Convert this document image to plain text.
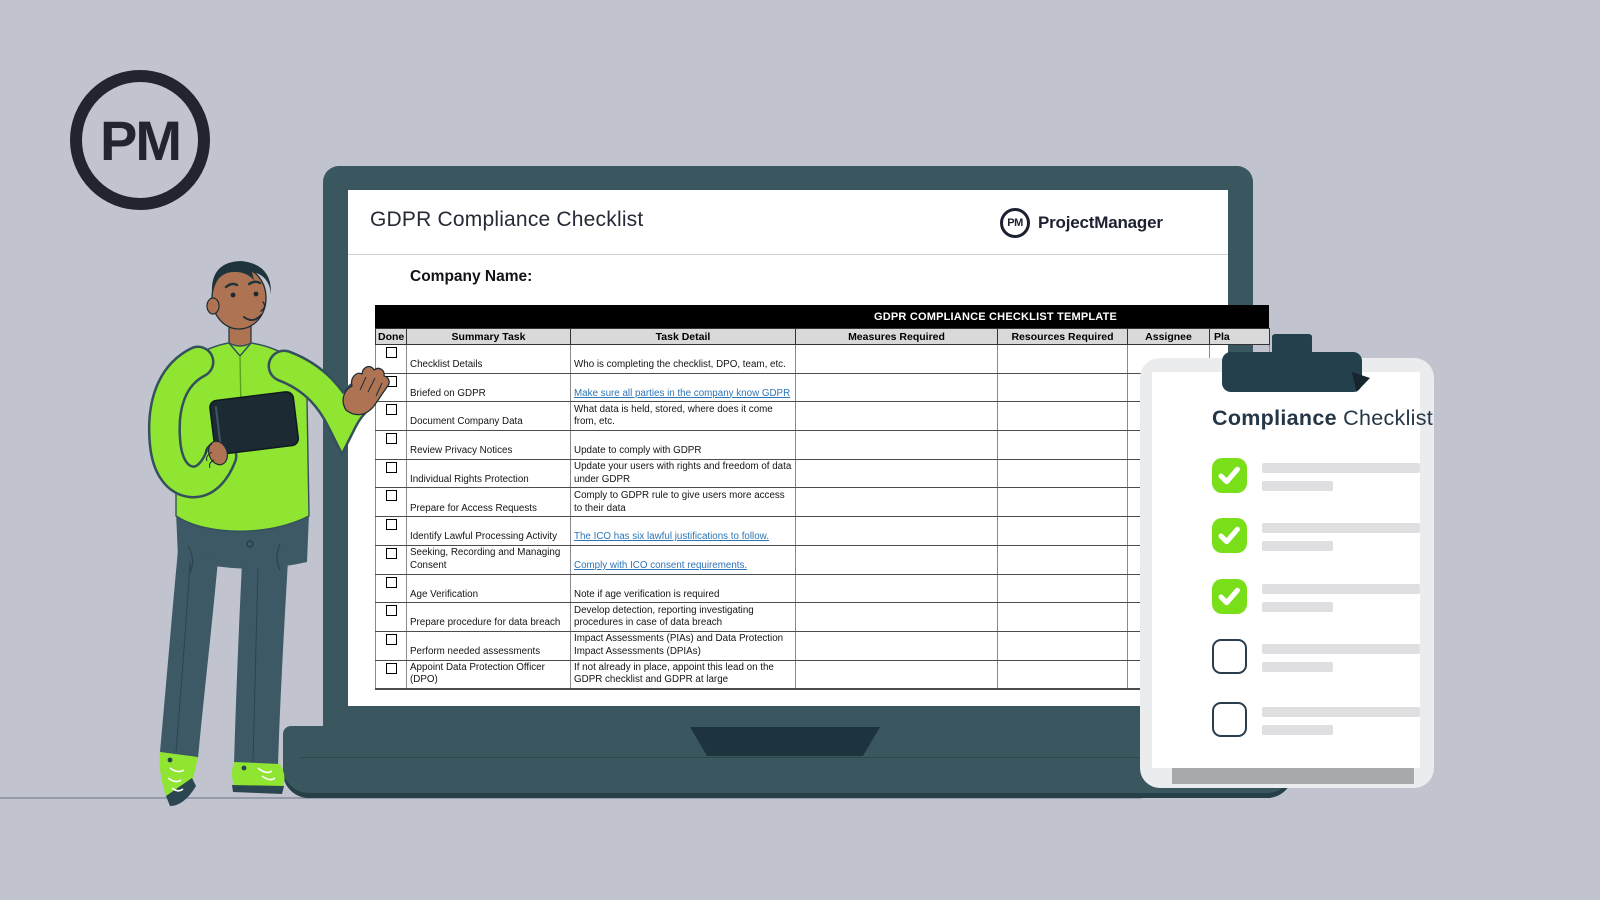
PM
GDPR Compliance Checklist	PM ProjectManager
Company Name:
GDPR COMPLIANCE CHECKLIST TEMPLATE
Done	Summary Task	Task Detail	Measures Required	Resources Required	Assignee	Pla

	Checklist Details	Who is completing the checklist, DPO, team, etc.				

	Briefed on GDPR	Make sure all parties in the company know GDPR				

	Document Company Data	What data is held, stored, where does it come from, etc.				

	Review Privacy Notices	Update to comply with GDPR				

	Individual Rights Protection	Update your users with rights and freedom of data under GDPR				

	Prepare for Access Requests	Comply to GDPR rule to give users more access to their data				

	Identify Lawful Processing Activity	The ICO has six lawful justifications to follow.				

	Seeking, Recording and Managing Consent	Comply with ICO consent requirements.				

	Age Verification	Note if age verification is required				

	Prepare procedure for data breach	Develop detection, reporting investigating procedures in case of data breach				

	Perform needed assessments	Impact Assessments (PIAs) and Data Protection Impact Assessments (DPIAs)				

	Appoint Data Protection Officer (DPO)	If not already in place, appoint this lead on the GDPR checklist and GDPR at large				
Compliance Checklist
